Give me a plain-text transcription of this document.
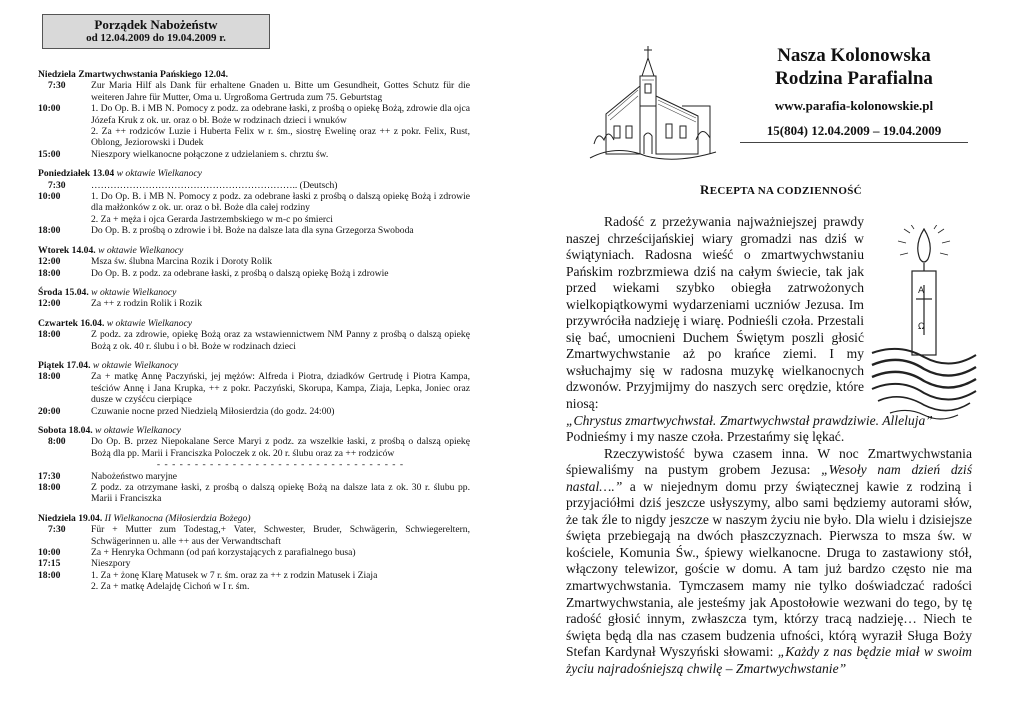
Porządek Nabożeństw
od 12.04.2009 do 19.04.2009 r.
Niedziela Zmartwychwstania Pańskiego 12.04.
7:30	Zur Maria Hilf als Dank für erhaltene Gnaden u. Bitte um Gesundheit, Gottes Schutz für die weiteren Jahre für Mutter, Oma u. Urgroßoma Gertruda zum 75. Geburtstag
10:00	1. Do Op. B. i MB N. Pomocy z podz. za odebrane łaski, z prośbą o opiekę Bożą, zdrowie dla ojca Józefa Kruk z ok. ur. oraz o bł. Boże w rodzinach dzieci i wnuków
2. Za ++ rodziców Luzie i Huberta Felix w r. śm., siostrę Ewelinę oraz ++ z pokr. Felix, Rust, Oblong, Jeziorowski i Dudek
15:00	Nieszpory wielkanocne połączone z udzielaniem s. chrztu św.
Poniedziałek 13.04 w oktawie Wielkanocy
7:30	……………………………………………………….. (Deutsch)
10:00	1. Do Op. B. i MB N. Pomocy z podz. za odebrane łaski z prośbą o dalszą opiekę Bożą i zdrowie dla małżonków z ok. ur. oraz o bł. Boże dla całej rodziny
2. Za + męża i ojca Gerarda Jastrzembskiego w m-c po śmierci
18:00	Do Op. B. z prośbą o zdrowie i bł. Boże na dalsze lata dla syna Grzegorza Swoboda
Wtorek 14.04. w oktawie Wielkanocy
12:00	Msza św. ślubna Marcina Rozik i Doroty Rolik
18:00	Do Op. B. z podz. za odebrane łaski, z prośbą o dalszą opiekę Bożą i zdrowie
Środa 15.04. w oktawie Wielkanocy
12:00	Za ++ z rodzin Rolik i Rozik
Czwartek 16.04. w oktawie Wielkanocy
18:00	Z podz. za zdrowie, opiekę Bożą oraz za wstawiennictwem NM Panny z prośbą o dalszą opiekę Bożą z ok. 40 r. ślubu i o bł. Boże w rodzinach dzieci
Piątek 17.04. w oktawie Wielkanocy
18:00	Za + matkę Annę Paczyński, jej mężów: Alfreda i Piotra, dziadków Gertrudę i Piotra Kampa, teściów Annę i Jana Krupka, ++ z pokr. Paczyński, Skorupa, Kampa, Ziaja, Lepka, Joniec oraz dusze w czyśćcu cierpiące
20:00	Czuwanie nocne przed Niedzielą Miłosierdzia (do godz. 24:00)
Sobota 18.04. w oktawie Wlelkanocy
8:00	Do Op. B. przez Niepokalane Serce Maryi z podz. za wszelkie łaski, z prośbą o dalszą opiekę Bożą dla pp. Marii i Franciszka Poloczek z ok. 20 r. ślubu oraz za ++ rodziców
- - - - - - - - - - - - - - - - - - - - - - - - - - - - - - - - -
17:30	Nabożeństwo maryjne
18:00	Z podz. za otrzymane łaski, z prośbą o dalszą opiekę Bożą na dalsze lata z ok. 30 r. ślubu pp. Marii i Franciszka
Niedziela 19.04. II Wielkanocna (Miłosierdzia Bożego)
7:30	Für + Mutter zum Todestag,+ Vater, Schwester, Bruder, Schwägerin, Schwiegereltern, Schwägerinnen u. alle ++ aus der Verwandtschaft
10:00	Za + Henryka Ochmann (od pań korzystających z parafialnego busa)
17:15	Nieszpory
18:00	1. Za + żonę Klarę Matusek w 7 r. śm. oraz za ++ z rodzin Matusek i Ziaja
2. Za + matkę Adelajdę Cichoń w I r. śm.
Nasza Kolonowska
Rodzina Parafialna
www.parafia-kolonowskie.pl
15(804) 12.04.2009 – 19.04.2009
RECEPTA NA CODZIENNOŚĆ
A
Ω

Radość z przeżywania najważniejszej prawdy naszej chrześcijańskiej wiary gromadzi nas dziś w świątyniach. Radosna wieść o zmartwychwstaniu Pańskim rozbrzmiewa dziś na całym świecie, tak jak przed wiekami szybko obiegła zatrwożonych wielkopiątkowymi wydarzeniami uczniów Jezusa. Im przywróciła nadzieję i wiarę. Podnieśli czoła. Przestali się bać, umocnieni Duchem Świętym poszli głosić Zmartwychwstanie aż po krańce ziemi. I my wsłuchajmy się w radosna muzykę wielkanocnych dzwonów. Przyjmijmy do naszych serc orędzie, które niosą:

„Chrystus zmartwychwstał. Zmartwychwstał prawdziwie. Alleluja”
Podnieśmy i my nasze czoła. Przestańmy się lękać.

Rzeczywistość bywa czasem inna. W noc Zmartwychwstania śpiewaliśmy na pustym grobem Jezusa: „Wesoły nam dzień dziś nastal….” a w niejednym domu przy świątecznej kawie z rodziną i przyjaciółmi dziś jeszcze usłyszymy, albo sami będziemy autorami słów, że tak źle to nigdy jeszcze w naszym życiu nie było. Dla wielu i dzisiejsze święta przebiegają na dwóch płaszczyznach. Pierwsza to msza św. w kościele, Komunia Św., śpiewy wielkanocne. Druga to zastawiony stół, włączony telewizor, goście w domu. A tam już bardzo często nie ma zmartwychwstania. Tymczasem mamy nie tylko doświadczać radości Zmartwychwstania, ale jesteśmy jak Apostołowie wezwani do tego, by tę radość głosić innym, zwłaszcza tym, którzy tracą nadzieję… Niech te święta będą dla nas czasem budzenia ufności, którą wyraził Sługa Boży Stefan Kardynał Wyszyński słowami: „Każdy z nas będzie miał w swoim życiu najradośniejszą chwilę – Zmartwychwstanie”
